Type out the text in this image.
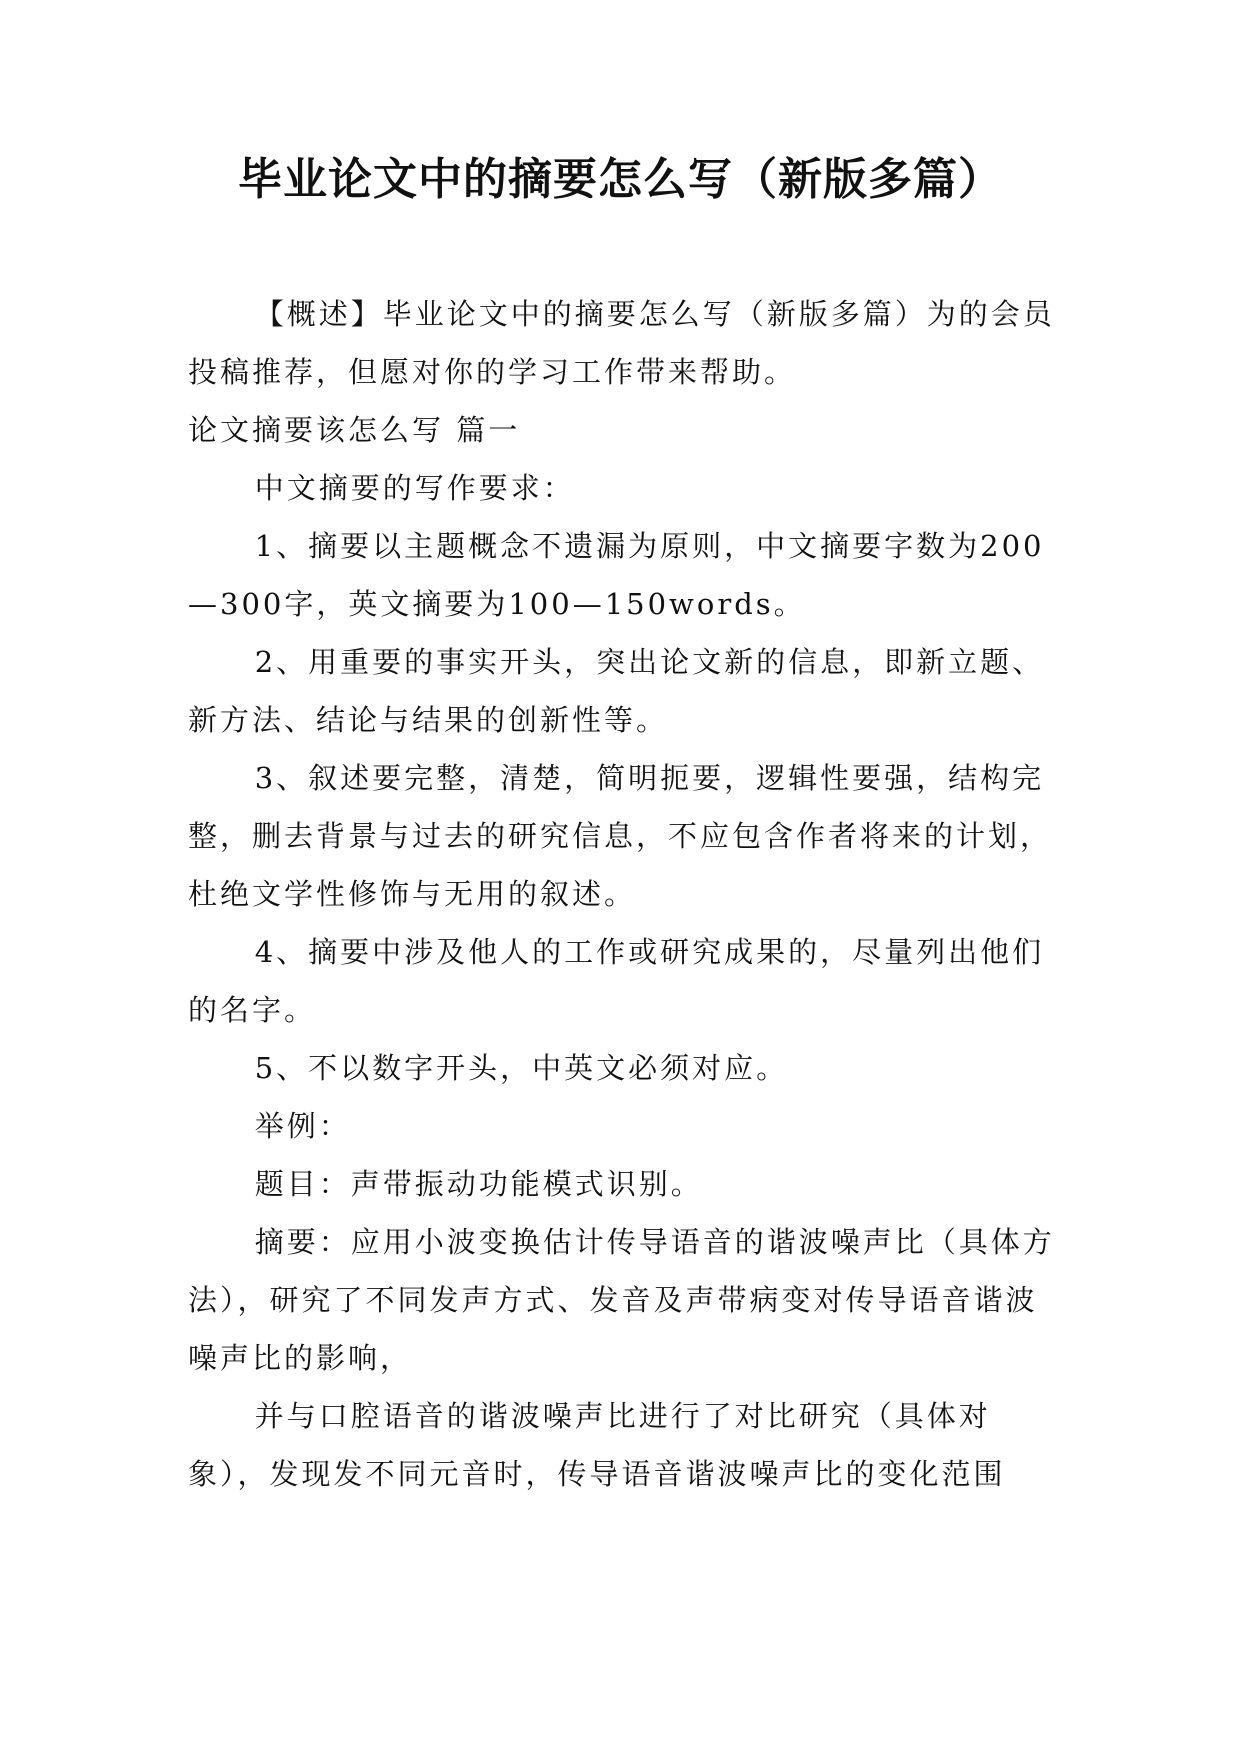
毕业论文中的摘要怎么写（新版多篇）

【概述】毕业论文中的摘要怎么写（新版多篇）为的会员投稿推荐，但愿对你的学习工作带来帮助。

论文摘要该怎么写 篇一

中文摘要的写作要求：

1、摘要以主题概念不遗漏为原则，中文摘要字数为200—300字，英文摘要为100—150words。

2、用重要的事实开头，突出论文新的信息，即新立题、新方法、结论与结果的创新性等。

3、叙述要完整，清楚，简明扼要，逻辑性要强，结构完整，删去背景与过去的研究信息，不应包含作者将来的计划，杜绝文学性修饰与无用的叙述。

4、摘要中涉及他人的工作或研究成果的，尽量列出他们的名字。

5、不以数字开头，中英文必须对应。

举例：

题目：声带振动功能模式识别。

摘要：应用小波变换估计传导语音的谐波噪声比（具体方法），研究了不同发声方式、发音及声带病变对传导语音谐波噪声比的影响，

并与口腔语音的谐波噪声比进行了对比研究（具体对象），发现发不同元音时，传导语音谐波噪声比的变化范围
